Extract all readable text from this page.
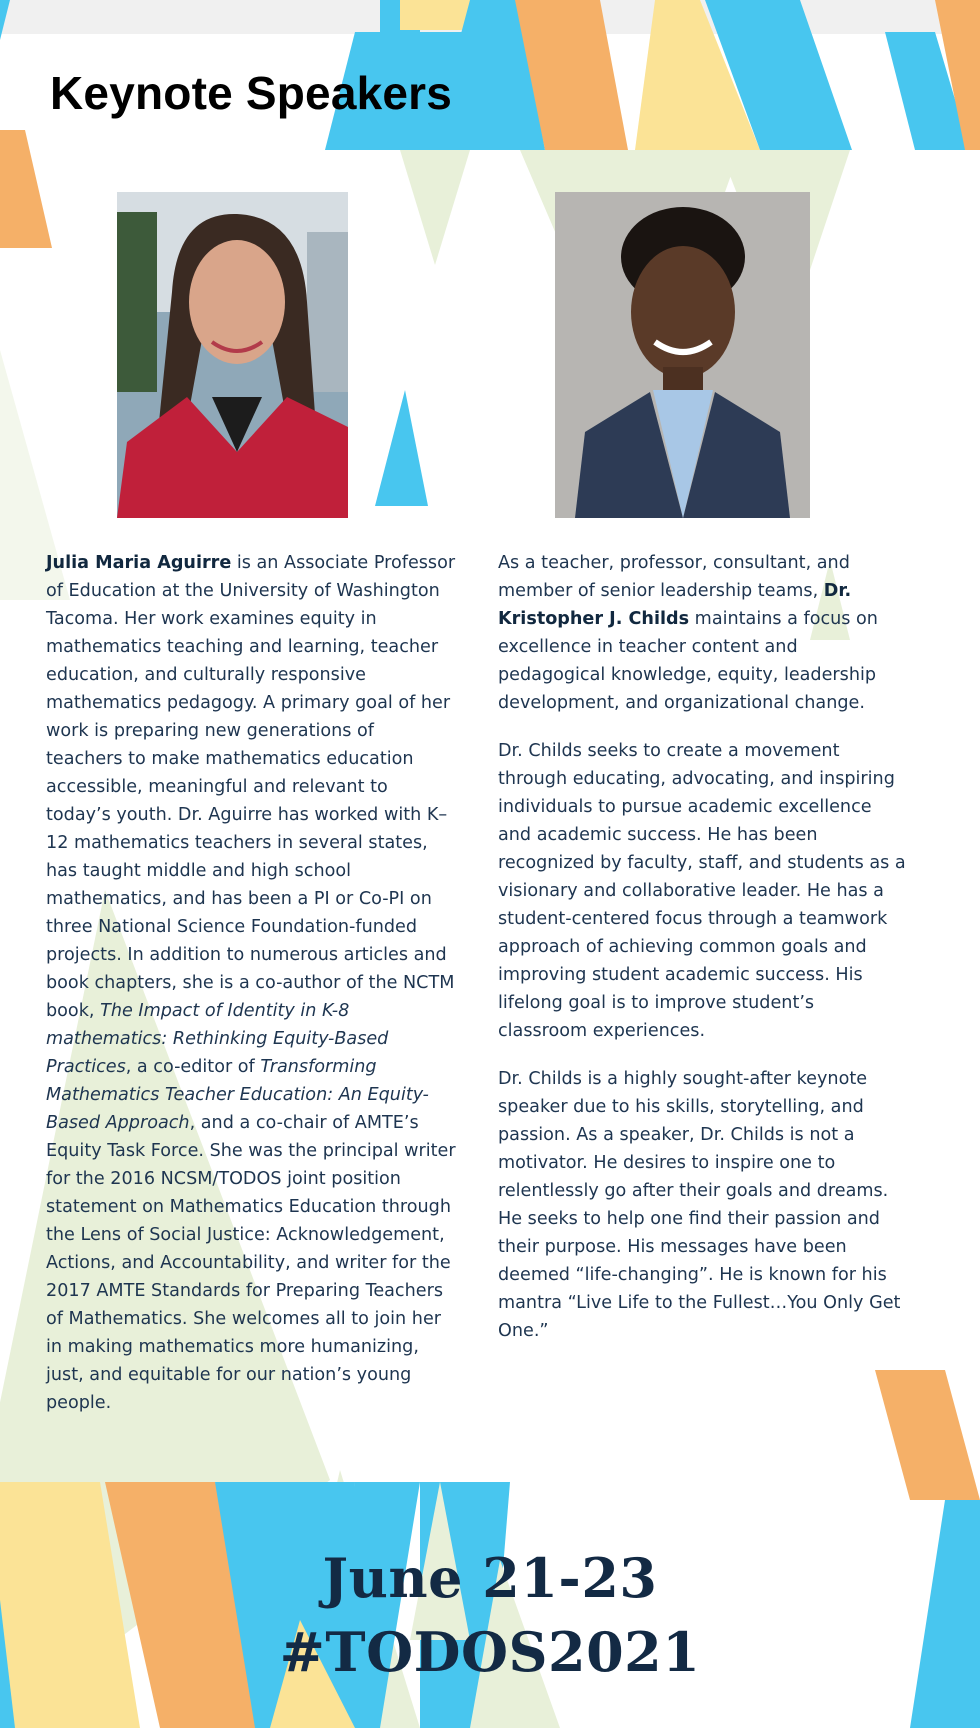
Keynote Speakers

Julia Maria Aguirre is an Associate Professor of Education at the University of Washington Tacoma. Her work examines equity in mathematics teaching and learning, teacher education, and culturally responsive mathematics pedagogy. A primary goal of her work is preparing new generations of teachers to make mathematics education accessible, meaningful and relevant to today’s youth. Dr. Aguirre has worked with K–12 mathematics teachers in several states, has taught middle and high school mathematics, and has been a PI or Co-PI on three National Science Foundation-funded projects. In addition to numerous articles and book chapters, she is a co-author of the NCTM book, The Impact of Identity in K-8 mathematics: Rethinking Equity-Based Practices, a co-editor of Transforming Mathematics Teacher Education: An Equity-Based Approach, and a co-chair of AMTE’s Equity Task Force. She was the principal writer for the 2016 NCSM/TODOS joint position statement on Mathematics Education through the Lens of Social Justice: Acknowledgement, Actions, and Accountability, and writer for the 2017 AMTE Standards for Preparing Teachers of Mathematics. She welcomes all to join her in making mathematics more humanizing, just, and equitable for our nation’s young people.

As a teacher, professor, consultant, and member of senior leadership teams, Dr. Kristopher J. Childs maintains a focus on excellence in teacher content and pedagogical knowledge, equity, leadership development, and organizational change.

Dr. Childs seeks to create a movement through educating, advocating, and inspiring individuals to pursue academic excellence and academic success. He has been recognized by faculty, staff, and students as a visionary and collaborative leader. He has a student-centered focus through a teamwork approach of achieving common goals and improving student academic success. His lifelong goal is to improve student’s classroom experiences.

Dr. Childs is a highly sought-after keynote speaker due to his skills, storytelling, and passion. As a speaker, Dr. Childs is not a motivator. He desires to inspire one to relentlessly go after their goals and dreams. He seeks to help one find their passion and their purpose. His messages have been deemed “life-changing”. He is known for his mantra “Live Life to the Fullest…You Only Get One.”

June 21-23
#TODOS2021
